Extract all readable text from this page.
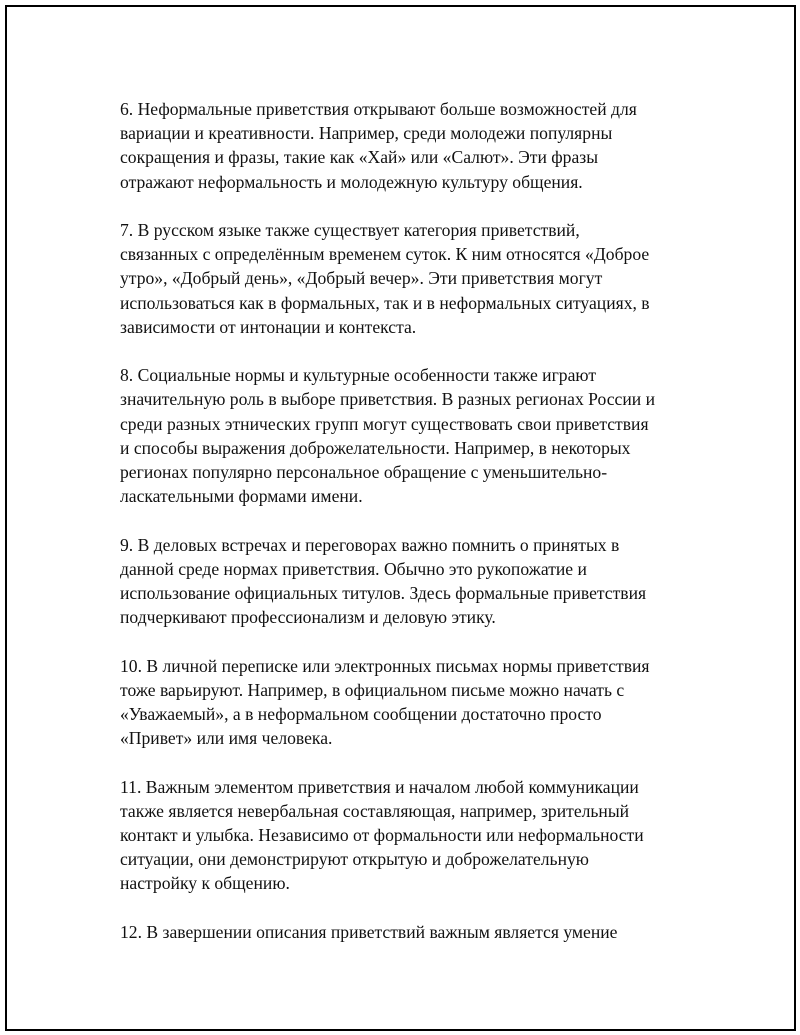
6. Неформальные приветствия открывают больше возможностей для
вариации и креативности. Например, среди молодежи популярны
сокращения и фразы, такие как «Хай» или «Салют». Эти фразы
отражают неформальность и молодежную культуру общения.

7. В русском языке также существует категория приветствий,
связанных с определённым временем суток. К ним относятся «Доброе
утро», «Добрый день», «Добрый вечер». Эти приветствия могут
использоваться как в формальных, так и в неформальных ситуациях, в
зависимости от интонации и контекста.

8. Социальные нормы и культурные особенности также играют
значительную роль в выборе приветствия. В разных регионах России и
среди разных этнических групп могут существовать свои приветствия
и способы выражения доброжелательности. Например, в некоторых
регионах популярно персональное обращение с уменьшительно-
ласкательными формами имени.

9. В деловых встречах и переговорах важно помнить о принятых в
данной среде нормах приветствия. Обычно это рукопожатие и
использование официальных титулов. Здесь формальные приветствия
подчеркивают профессионализм и деловую этику.

10. В личной переписке или электронных письмах нормы приветствия
тоже варьируют. Например, в официальном письме можно начать с
«Уважаемый», а в неформальном сообщении достаточно просто
«Привет» или имя человека.

11. Важным элементом приветствия и началом любой коммуникации
также является невербальная составляющая, например, зрительный
контакт и улыбка. Независимо от формальности или неформальности
ситуации, они демонстрируют открытую и доброжелательную
настройку к общению.

12. В завершении описания приветствий важным является умение
